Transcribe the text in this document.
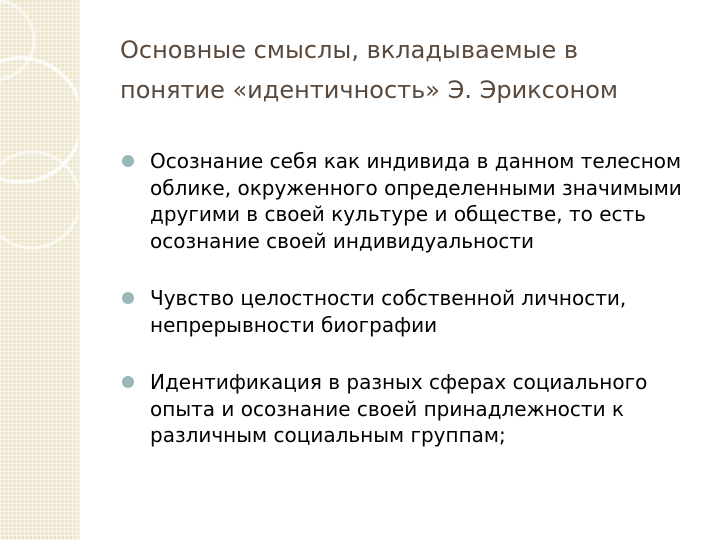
Основные смыслы, вкладываемые в понятие «идентичность» Э. Эриксоном
Осознание себя как индивида в данном телесном облике, окруженного определенными значимыми другими в своей культуре и обществе, то есть осознание своей индивидуальности
Чувство целостности собственной личности, непрерывности биографии
Идентификация в разных сферах социального опыта и осознание своей принадлежности к различным социальным группам;
